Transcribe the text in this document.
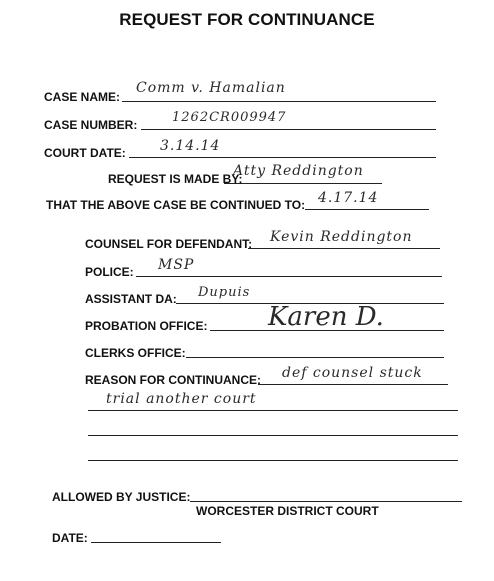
REQUEST FOR CONTINUANCE
CASE NAME:
Comm v. Hamalian
CASE NUMBER:	1262CR009947
COURT DATE: 3.14.14
REQUEST IS MADE BY:
Atty Reddington
THAT THE ABOVE CASE BE CONTINUED TO: 4.17.14
COUNSEL FOR DEFENDANT: Kevin Reddington
POLICE: MSP
ASSISTANT DA: Dupuis
PROBATION OFFICE: Karen D.
CLERKS OFFICE:
REASON FOR CONTINUANCE: def counsel stuck
trial another court
ALLOWED BY JUSTICE:
WORCESTER DISTRICT COURT
DATE:
